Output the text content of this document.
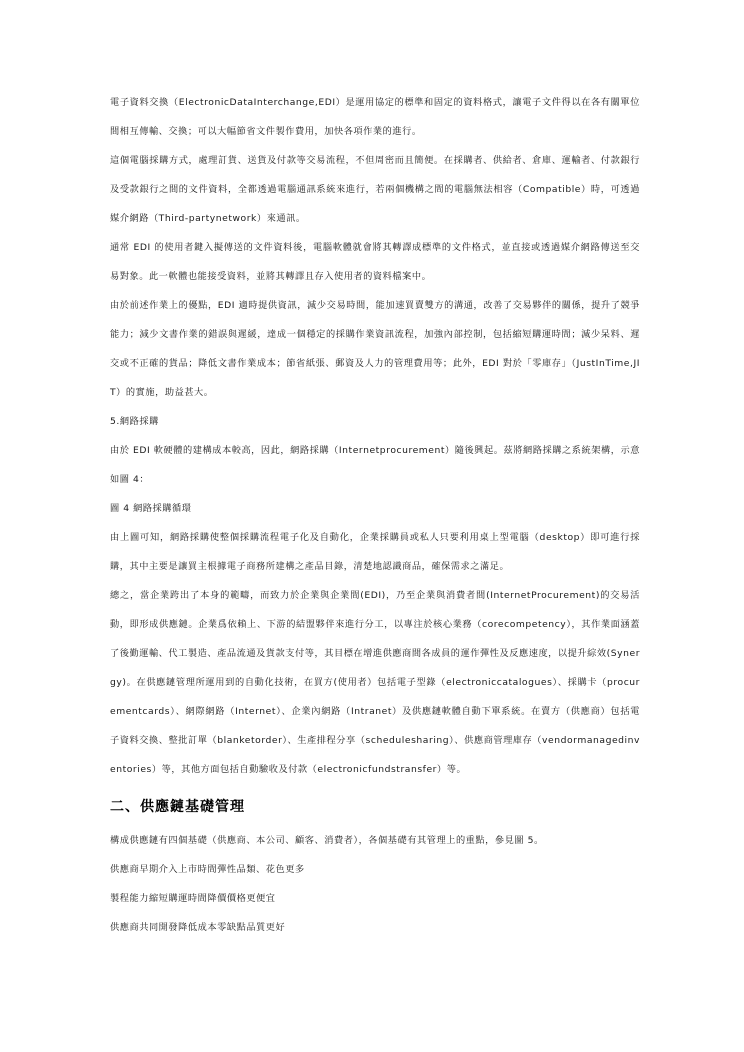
電子資料交換（ElectronicDataInterchange,EDI）是運用協定的標準和固定的資料格式，讓電子文件得以在各有關單位間相互傳輸、交換；可以大幅節省文件製作費用，加快各項作業的進行。

這個電腦採購方式，處理訂貨、送貨及付款等交易流程，不但周密而且簡便。在採購者、供給者、倉庫、運輸者、付款銀行及受款銀行之間的文件資料，全都透過電腦通訊系統來進行，若兩個機構之間的電腦無法相容（Compatible）時，可透過媒介網路（Third-partynetwork）來通訊。

通常 EDI 的使用者鍵入擬傳送的文件資料後，電腦軟體就會將其轉譯成標準的文件格式，並直接或透過媒介網路傳送至交易對象。此一軟體也能接受資料，並將其轉譯且存入使用者的資料檔案中。

由於前述作業上的優點，EDI 適時提供資訊，減少交易時間，能加速買賣雙方的溝通，改善了交易夥伴的關係，提升了競爭能力；減少文書作業的錯誤與遲緩，達成一個穩定的採購作業資訊流程，加強內部控制，包括縮短購運時間；減少呆料、遲交或不正確的貨品；降低文書作業成本；節省紙張、郵資及人力的管理費用等；此外，EDI 對於「零庫存」（JustInTime,JIT）的實施，助益甚大。

5.網路採購

由於 EDI 軟硬體的建構成本較高，因此，網路採購（Internetprocurement）隨後興起。茲將網路採購之系統架構，示意如圖 4：

圖 4 網路採購循環

由上圖可知，網路採購使整個採購流程電子化及自動化，企業採購員或私人只要利用桌上型電腦（desktop）即可進行採購，其中主要是讓買主根據電子商務所建構之產品目錄，清楚地認識商品，確保需求之滿足。

總之，當企業跨出了本身的範疇，而致力於企業與企業間(EDI)，乃至企業與消費者間(InternetProcurement)的交易活動，即形成供應鏈。企業爲依賴上、下游的結盟夥伴來進行分工，以專注於核心業務（corecompetency），其作業面涵蓋了後勤運輸、代工製造、產品流通及貨款支付等，其目標在增進供應商間各成員的運作彈性及反應速度，以提升綜效(Synergy)。在供應鏈管理所運用到的自動化技術，在買方(使用者）包括電子型錄（electroniccatalogues）、採購卡（procurementcards）、網際網路（Internet）、企業內網路（Intranet）及供應鏈軟體自動下單系統。在賣方（供應商）包括電子資料交換、整批訂單（blanketorder）、生產排程分享（schedulesharing）、供應商管理庫存（vendormanagedinventories）等，其他方面包括自動驗收及付款（electronicfundstransfer）等。

二、供應鏈基礎管理

構成供應鏈有四個基礎（供應商、本公司、顧客、消費者），各個基礎有其管理上的重點，參見圖 5。

供應商早期介入上市時間彈性品類、花色更多

製程能力縮短購運時間降價價格更便宜

供應商共同開發降低成本零缺點品質更好
